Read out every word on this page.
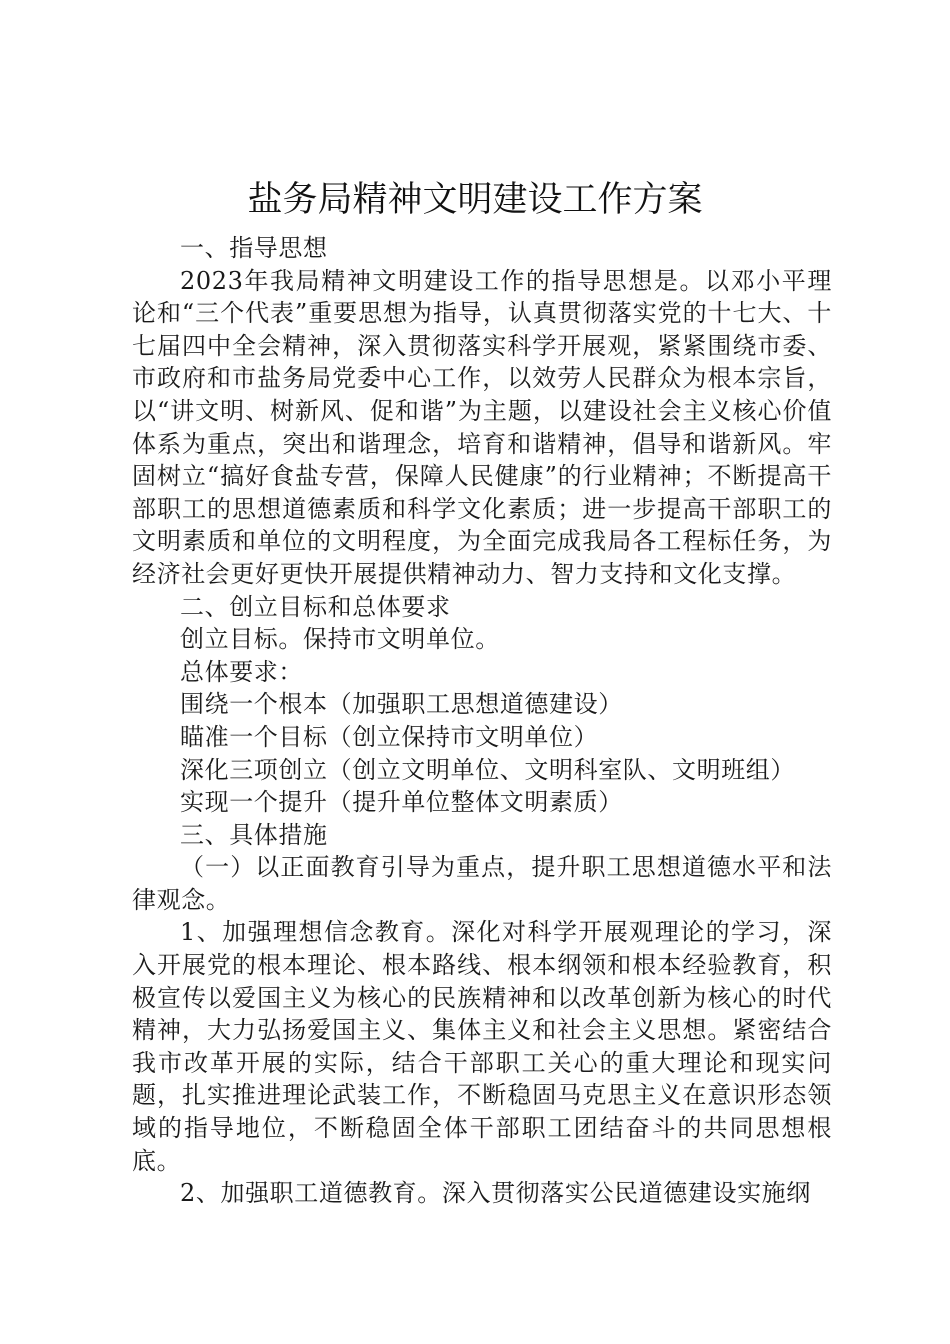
盐务局精神文明建设工作方案

一、指导思想

2023年我局精神文明建设工作的指导思想是。以邓小平理论和“三个代表”重要思想为指导，认真贯彻落实党的十七大、十七届四中全会精神，深入贯彻落实科学开展观，紧紧围绕市委、市政府和市盐务局党委中心工作，以效劳人民群众为根本宗旨，以“讲文明、树新风、促和谐”为主题，以建设社会主义核心价值体系为重点，突出和谐理念，培育和谐精神，倡导和谐新风。牢固树立“搞好食盐专营，保障人民健康”的行业精神；不断提高干部职工的思想道德素质和科学文化素质；进一步提高干部职工的文明素质和单位的文明程度，为全面完成我局各工程标任务，为经济社会更好更快开展提供精神动力、智力支持和文化支撑。

二、创立目标和总体要求

创立目标。保持市文明单位。

总体要求：

围绕一个根本（加强职工思想道德建设）

瞄准一个目标（创立保持市文明单位）

深化三项创立（创立文明单位、文明科室队、文明班组）

实现一个提升（提升单位整体文明素质）

三、具体措施

（一）以正面教育引导为重点，提升职工思想道德水平和法律观念。

1、加强理想信念教育。深化对科学开展观理论的学习，深入开展党的根本理论、根本路线、根本纲领和根本经验教育，积极宣传以爱国主义为核心的民族精神和以改革创新为核心的时代精神，大力弘扬爱国主义、集体主义和社会主义思想。紧密结合我市改革开展的实际，结合干部职工关心的重大理论和现实问题，扎实推进理论武装工作，不断稳固马克思主义在意识形态领域的指导地位，不断稳固全体干部职工团结奋斗的共同思想根底。

2、加强职工道德教育。深入贯彻落实公民道德建设实施纲
